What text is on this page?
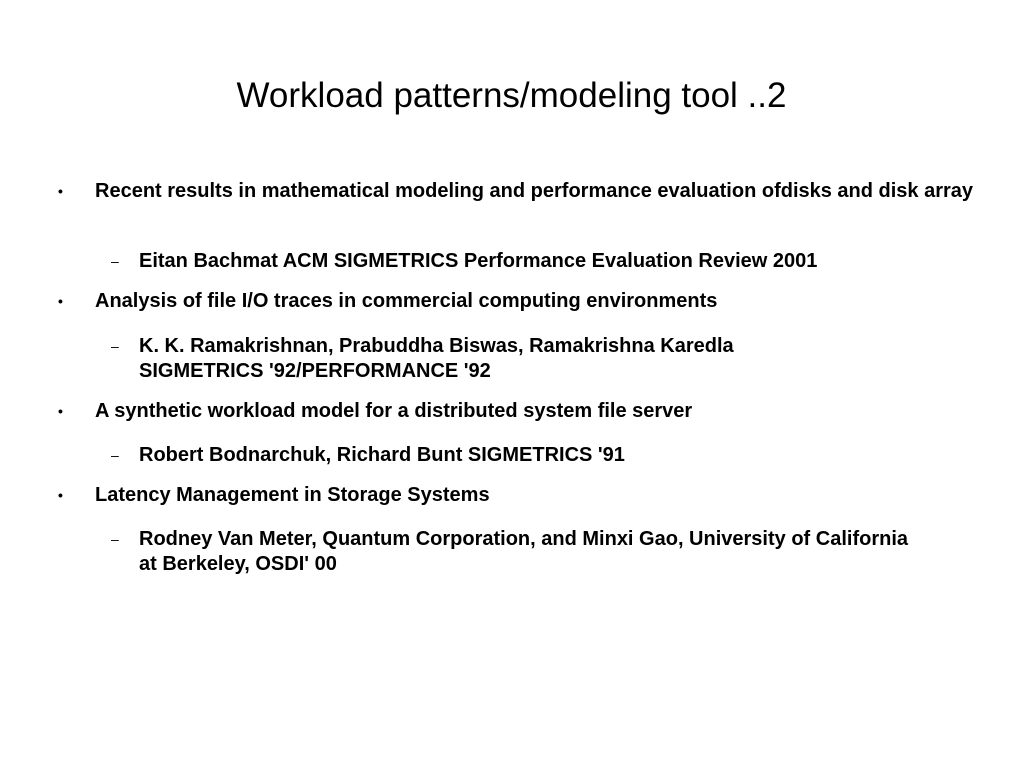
Workload patterns/modeling tool ..2
• Recent results in mathematical modeling and performance evaluation ofdisks and disk array
– Eitan Bachmat ACM SIGMETRICS Performance Evaluation Review 2001
• Analysis of file I/O traces in commercial computing environments
– K. K. Ramakrishnan, Prabuddha Biswas, Ramakrishna Karedla SIGMETRICS '92/PERFORMANCE '92
• A synthetic workload model for a distributed system file server
– Robert Bodnarchuk, Richard Bunt SIGMETRICS '91
• Latency Management in Storage Systems
– Rodney Van Meter, Quantum Corporation, and Minxi Gao, University of California at Berkeley, OSDI' 00
